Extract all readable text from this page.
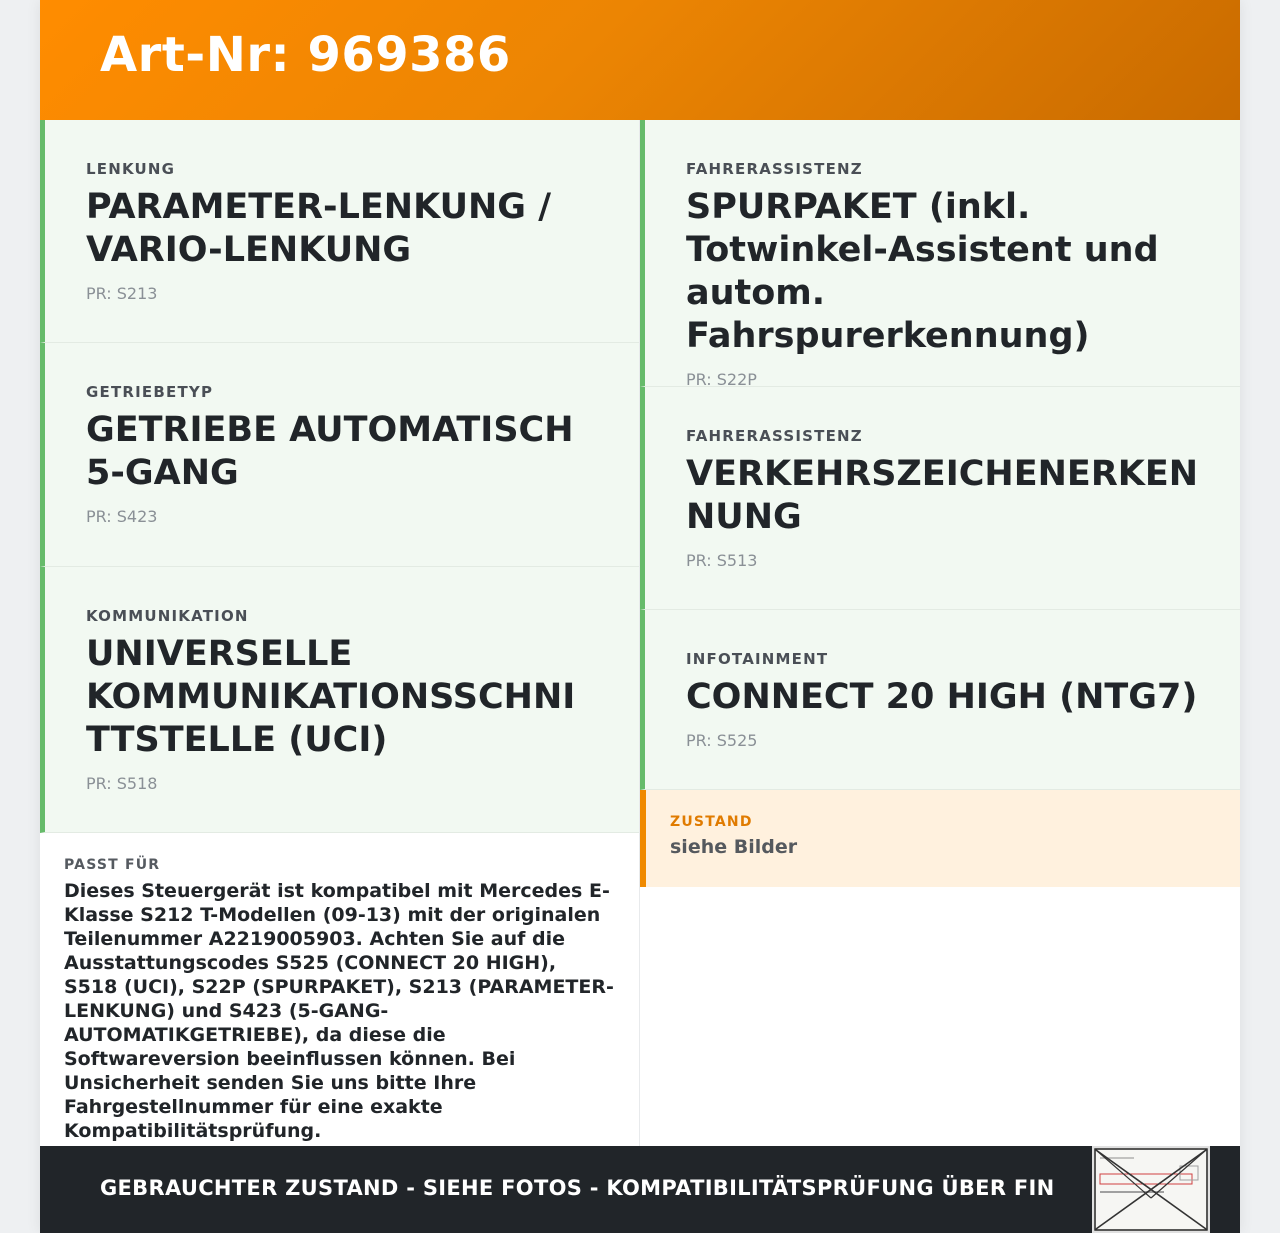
Art-Nr: 969386
LENKUNG
PARAMETER-LENKUNG / VARIO-LENKUNG
PR: S213
GETRIEBETYP
GETRIEBE AUTOMATISCH 5-GANG
PR: S423
KOMMUNIKATION
UNIVERSELLE KOMMUNIKATIONSSCHNITTSTELLE (UCI)
PR: S518
PASST FÜR
Dieses Steuergerät ist kompatibel mit Mercedes E-Klasse S212 T-Modellen (09-13) mit der originalen Teilenummer A2219005903. Achten Sie auf die Ausstattungscodes S525 (CONNECT 20 HIGH), S518 (UCI), S22P (SPURPAKET), S213 (PARAMETER-LENKUNG) und S423 (5-GANG-AUTOMATIKGETRIEBE), da diese die Softwareversion beeinflussen können. Bei Unsicherheit senden Sie uns bitte Ihre Fahrgestellnummer für eine exakte Kompatibilitätsprüfung.
FAHRERASSISTENZ
SPURPAKET (inkl. Totwinkel-Assistent und autom. Fahrspurerkennung)
PR: S22P
FAHRERASSISTENZ
VERKEHRSZEICHENERKENNUNG
PR: S513
INFOTAINMENT
CONNECT 20 HIGH (NTG7)
PR: S525
ZUSTAND
siehe Bilder
GEBRAUCHTER ZUSTAND - SIEHE FOTOS - KOMPATIBILITÄTSPRÜFUNG ÜBER FIN
